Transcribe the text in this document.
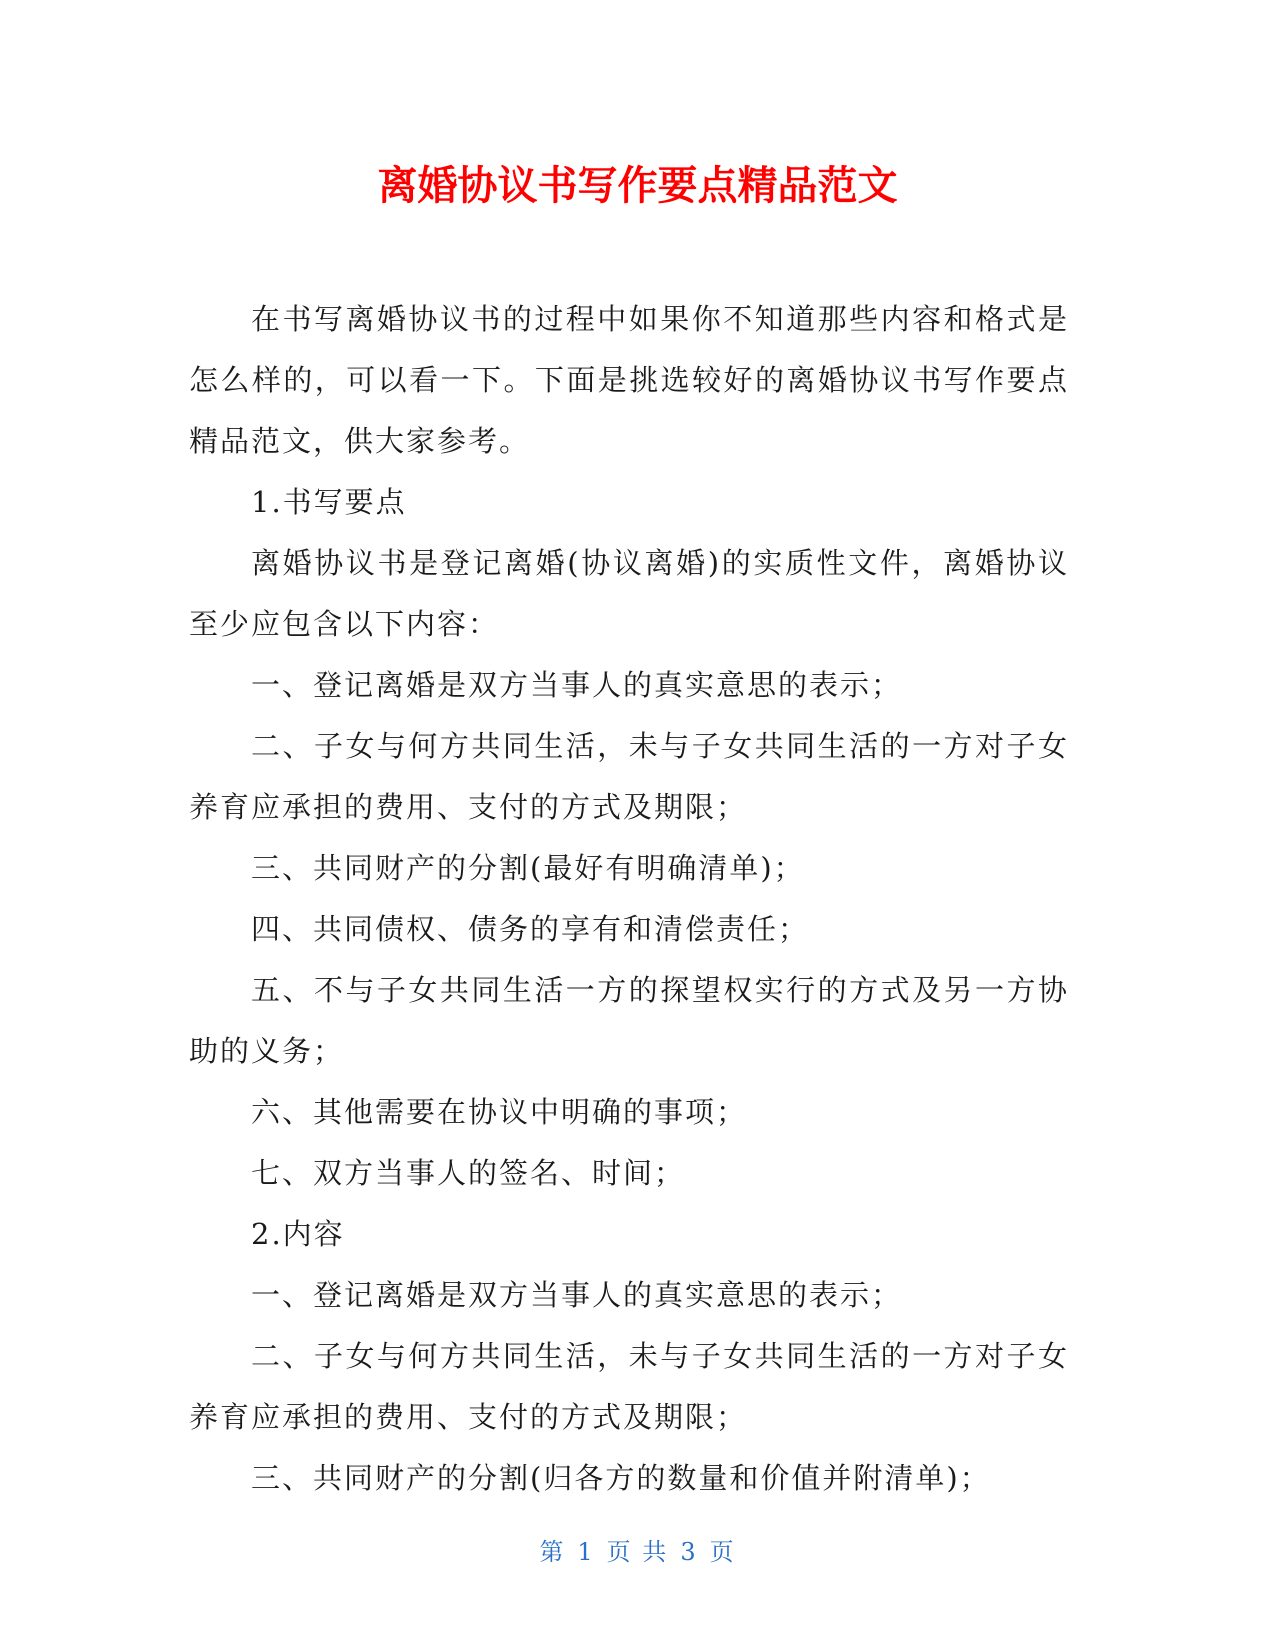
离婚协议书写作要点精品范文

在书写离婚协议书的过程中如果你不知道那些内容和格式是怎么样的，可以看一下。下面是挑选较好的离婚协议书写作要点精品范文，供大家参考。

1.书写要点

离婚协议书是登记离婚(协议离婚)的实质性文件，离婚协议至少应包含以下内容：

一、登记离婚是双方当事人的真实意思的表示；

二、子女与何方共同生活，未与子女共同生活的一方对子女养育应承担的费用、支付的方式及期限；

三、共同财产的分割(最好有明确清单)；

四、共同债权、债务的享有和清偿责任；

五、不与子女共同生活一方的探望权实行的方式及另一方协助的义务；

六、其他需要在协议中明确的事项；

七、双方当事人的签名、时间；

2.内容

一、登记离婚是双方当事人的真实意思的表示；

二、子女与何方共同生活，未与子女共同生活的一方对子女养育应承担的费用、支付的方式及期限；

三、共同财产的分割(归各方的数量和价值并附清单)；

第 1 页 共 3 页
